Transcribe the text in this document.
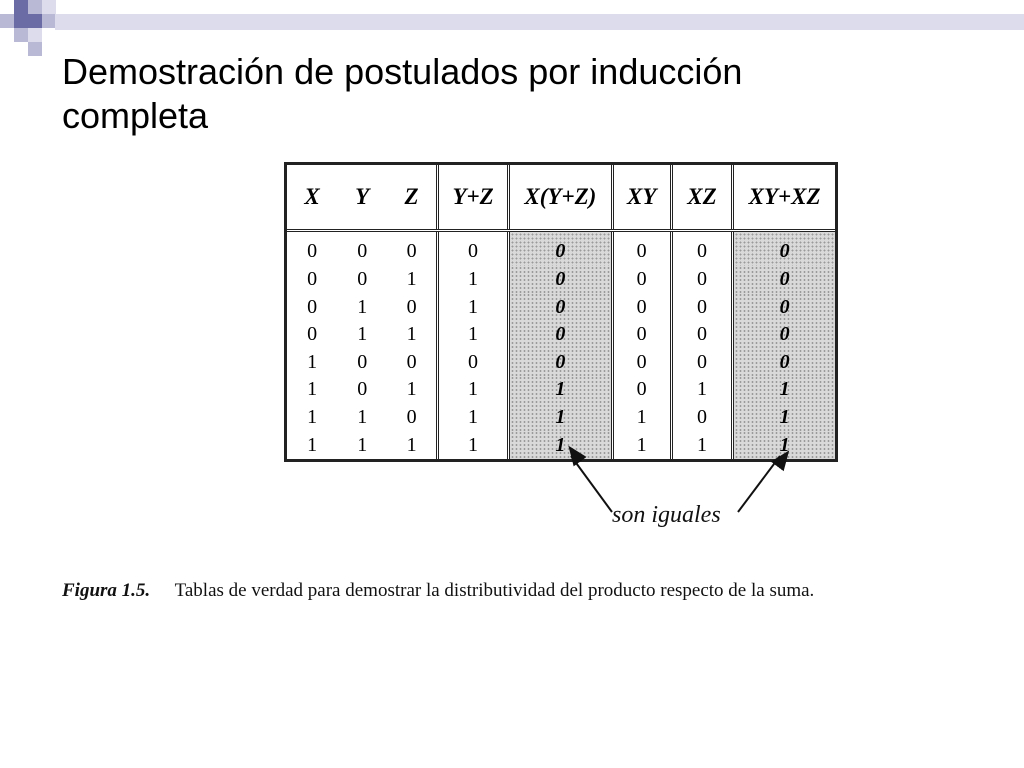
Demostración de postulados por inducción
completa
X	Y	Z	Y+Z	X(Y+Z)	XY	XZ	XY+XZ
0	0	0	0	0	0	0	0
0	0	1	1	0	0	0	0
0	1	0	1	0	0	0	0
0	1	1	1	0	0	0	0
1	0	0	0	0	0	0	0
1	0	1	1	1	0	1	1
1	1	0	1	1	1	0	1
1	1	1	1	1	1	1	1
son iguales
Figura 1.5. Tablas de verdad para demostrar la distributividad del producto respecto de la suma.
